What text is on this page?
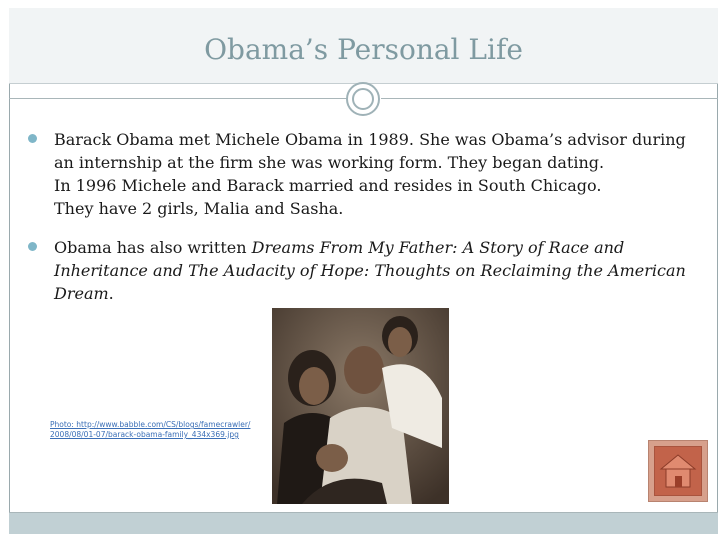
Obama’s Personal Life
Barack Obama met Michele Obama in 1989. She was Obama’s advisor during an internship at the firm she was working form. They began dating.
In 1996 Michele and Barack married and resides in South Chicago.
They have 2 girls, Malia and Sasha.
Obama has also written Dreams From My Father: A Story of Race and Inheritance and The Audacity of Hope: Thoughts on Reclaiming the American Dream.
Photo: http://www.babble.com/CS/blogs/famecrawler/2008/08/01-07/barack-obama-family_434x369.jpg
